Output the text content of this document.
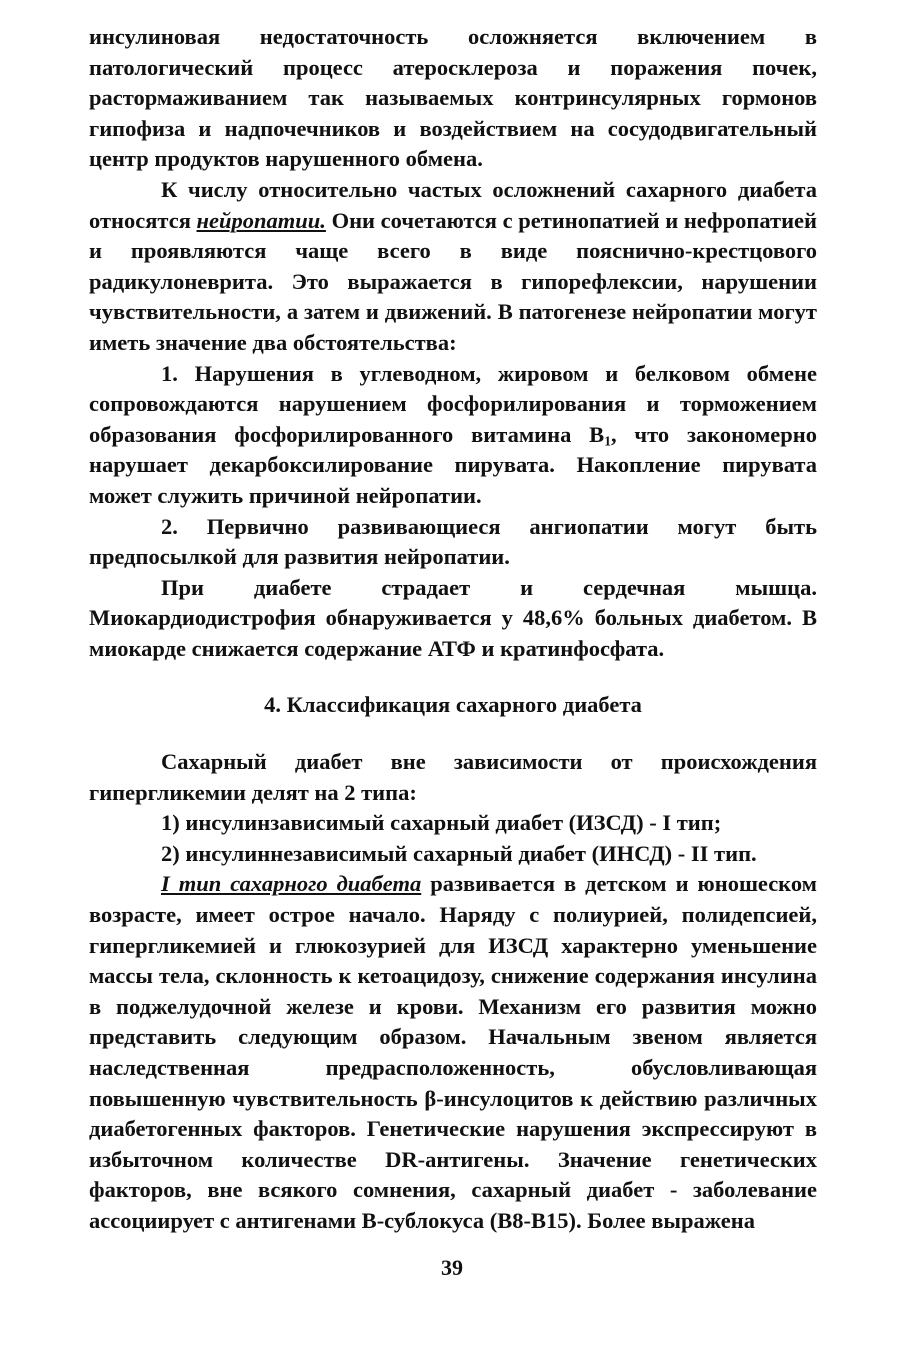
инсулиновая недостаточность осложняется включением в патологический процесс атеросклероза и поражения почек, растормаживанием так называемых контринсулярных гормонов гипофиза и надпочечников и воздействием на сосудодвигательный центр продуктов нарушенного обмена.

К числу относительно частых осложнений сахарного диабета относятся нейропатии. Они сочетаются с ретинопатией и нефропатией и проявляются чаще всего в виде пояснично-крестцового радикулоневрита. Это выражается в гипорефлексии, нарушении чувствительности, а затем и движений. В патогенезе нейропатии могут иметь значение два обстоятельства:

1. Нарушения в углеводном, жировом и белковом обмене сопровождаются нарушением фосфорилирования и торможением образования фосфорилированного витамина $В_1$, что закономерно нарушает декарбоксилирование пирувата. Накопление пирувата может служить причиной нейропатии.

2. Первично развивающиеся ангиопатии могут быть предпосылкой для развития нейропатии.

При диабете страдает и сердечная мышца. Миокардиодистрофия обнаруживается у 48,6% больных диабетом. В миокарде снижается содержание АТФ и кратинфосфата.

4. Классификация сахарного диабета

Сахарный диабет вне зависимости от происхождения гипергликемии делят на 2 типа:

1) инсулинзависимый сахарный диабет (ИЗСД) - I тип;

2) инсулиннезависимый сахарный диабет (ИНСД) - II тип.

I тип сахарного диабета развивается в детском и юношеском возрасте, имеет острое начало. Наряду с полиурией, полидепсией, гипергликемией и глюкозурией для ИЗСД характерно уменьшение массы тела, склонность к кетоацидозу, снижение содержания инсулина в поджелудочной железе и крови. Механизм его развития можно представить следующим образом. Начальным звеном является наследственная предрасположенность, обусловливающая повышенную чувствительность β-инсулоцитов к действию различных диабетогенных факторов. Генетические нарушения экспрессируют в избыточном количестве DR-антигены. Значение генетических факторов, вне всякого сомнения, сахарный диабет - заболевание ассоциирует с антигенами В-сублокуса (В8-В15). Более выражена

39
